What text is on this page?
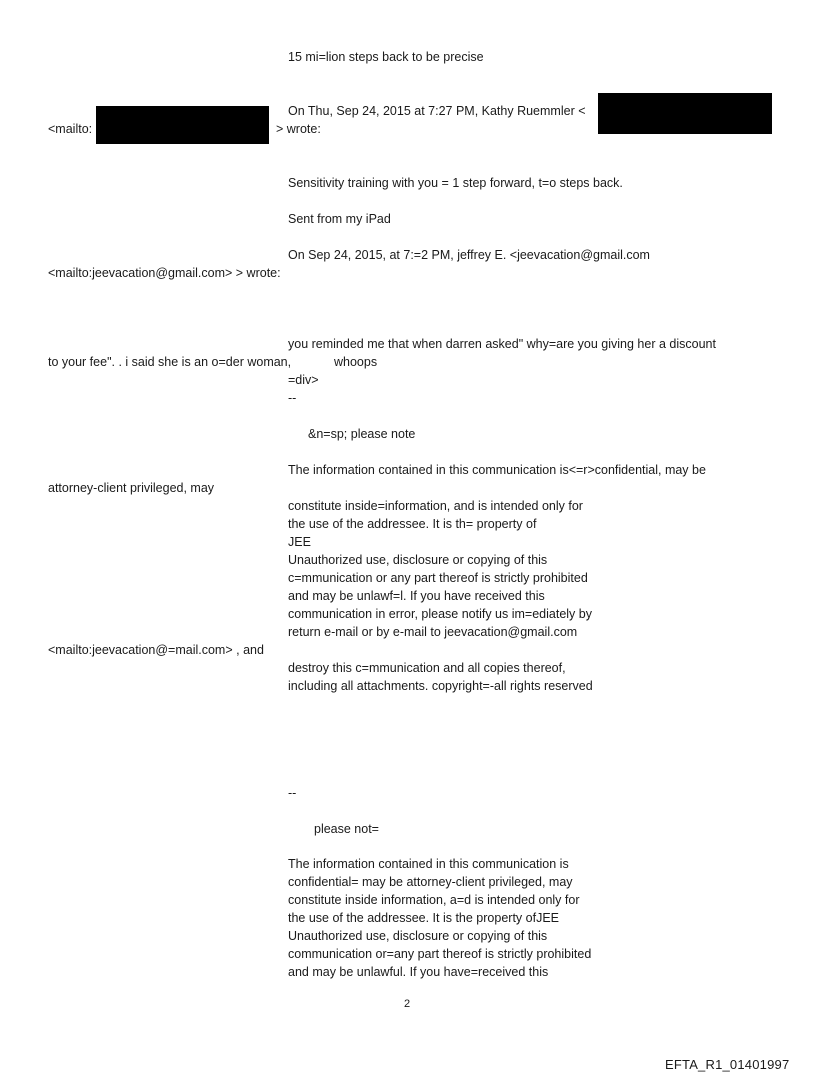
15 mi=lion steps back to be precise

On Thu, Sep 24, 2015 at 7:27 PM, Kathy Ruemmler <

<mailto:	> wrote:

Sensitivity training with you = 1 step forward, t=o steps back.

Sent from my iPad

On Sep 24, 2015, at 7:=2 PM, jeffrey E. <jeevacation@gmail.com

<mailto:jeevacation@gmail.com> > wrote:

you reminded me that when darren asked" why=are you giving her a discount

to your fee". . i said she is an o=der woman,	whoops

=div>

--

&n=sp; please note

The information contained in this communication is<=r>confidential, may be

attorney-client privileged, may

constitute inside=information, and is intended only for

the use of the addressee. It is th= property of

JEE

Unauthorized use, disclosure or copying of this

c=mmunication or any part thereof is strictly prohibited

and may be unlawf=l. If you have received this

communication in error, please notify us im=ediately by

return e-mail or by e-mail to jeevacation@gmail.com

<mailto:jeevacation@=mail.com> , and

destroy this c=mmunication and all copies thereof,

including all attachments. copyright=-all rights reserved

--

please not=

The information contained in this communication is

confidential= may be attorney-client privileged, may

constitute inside information, a=d is intended only for

the use of the addressee. It is the property ofJEE

Unauthorized use, disclosure or copying of this

communication or=any part thereof is strictly prohibited

and may be unlawful. If you have=received this

2
EFTA_R1_01401997
